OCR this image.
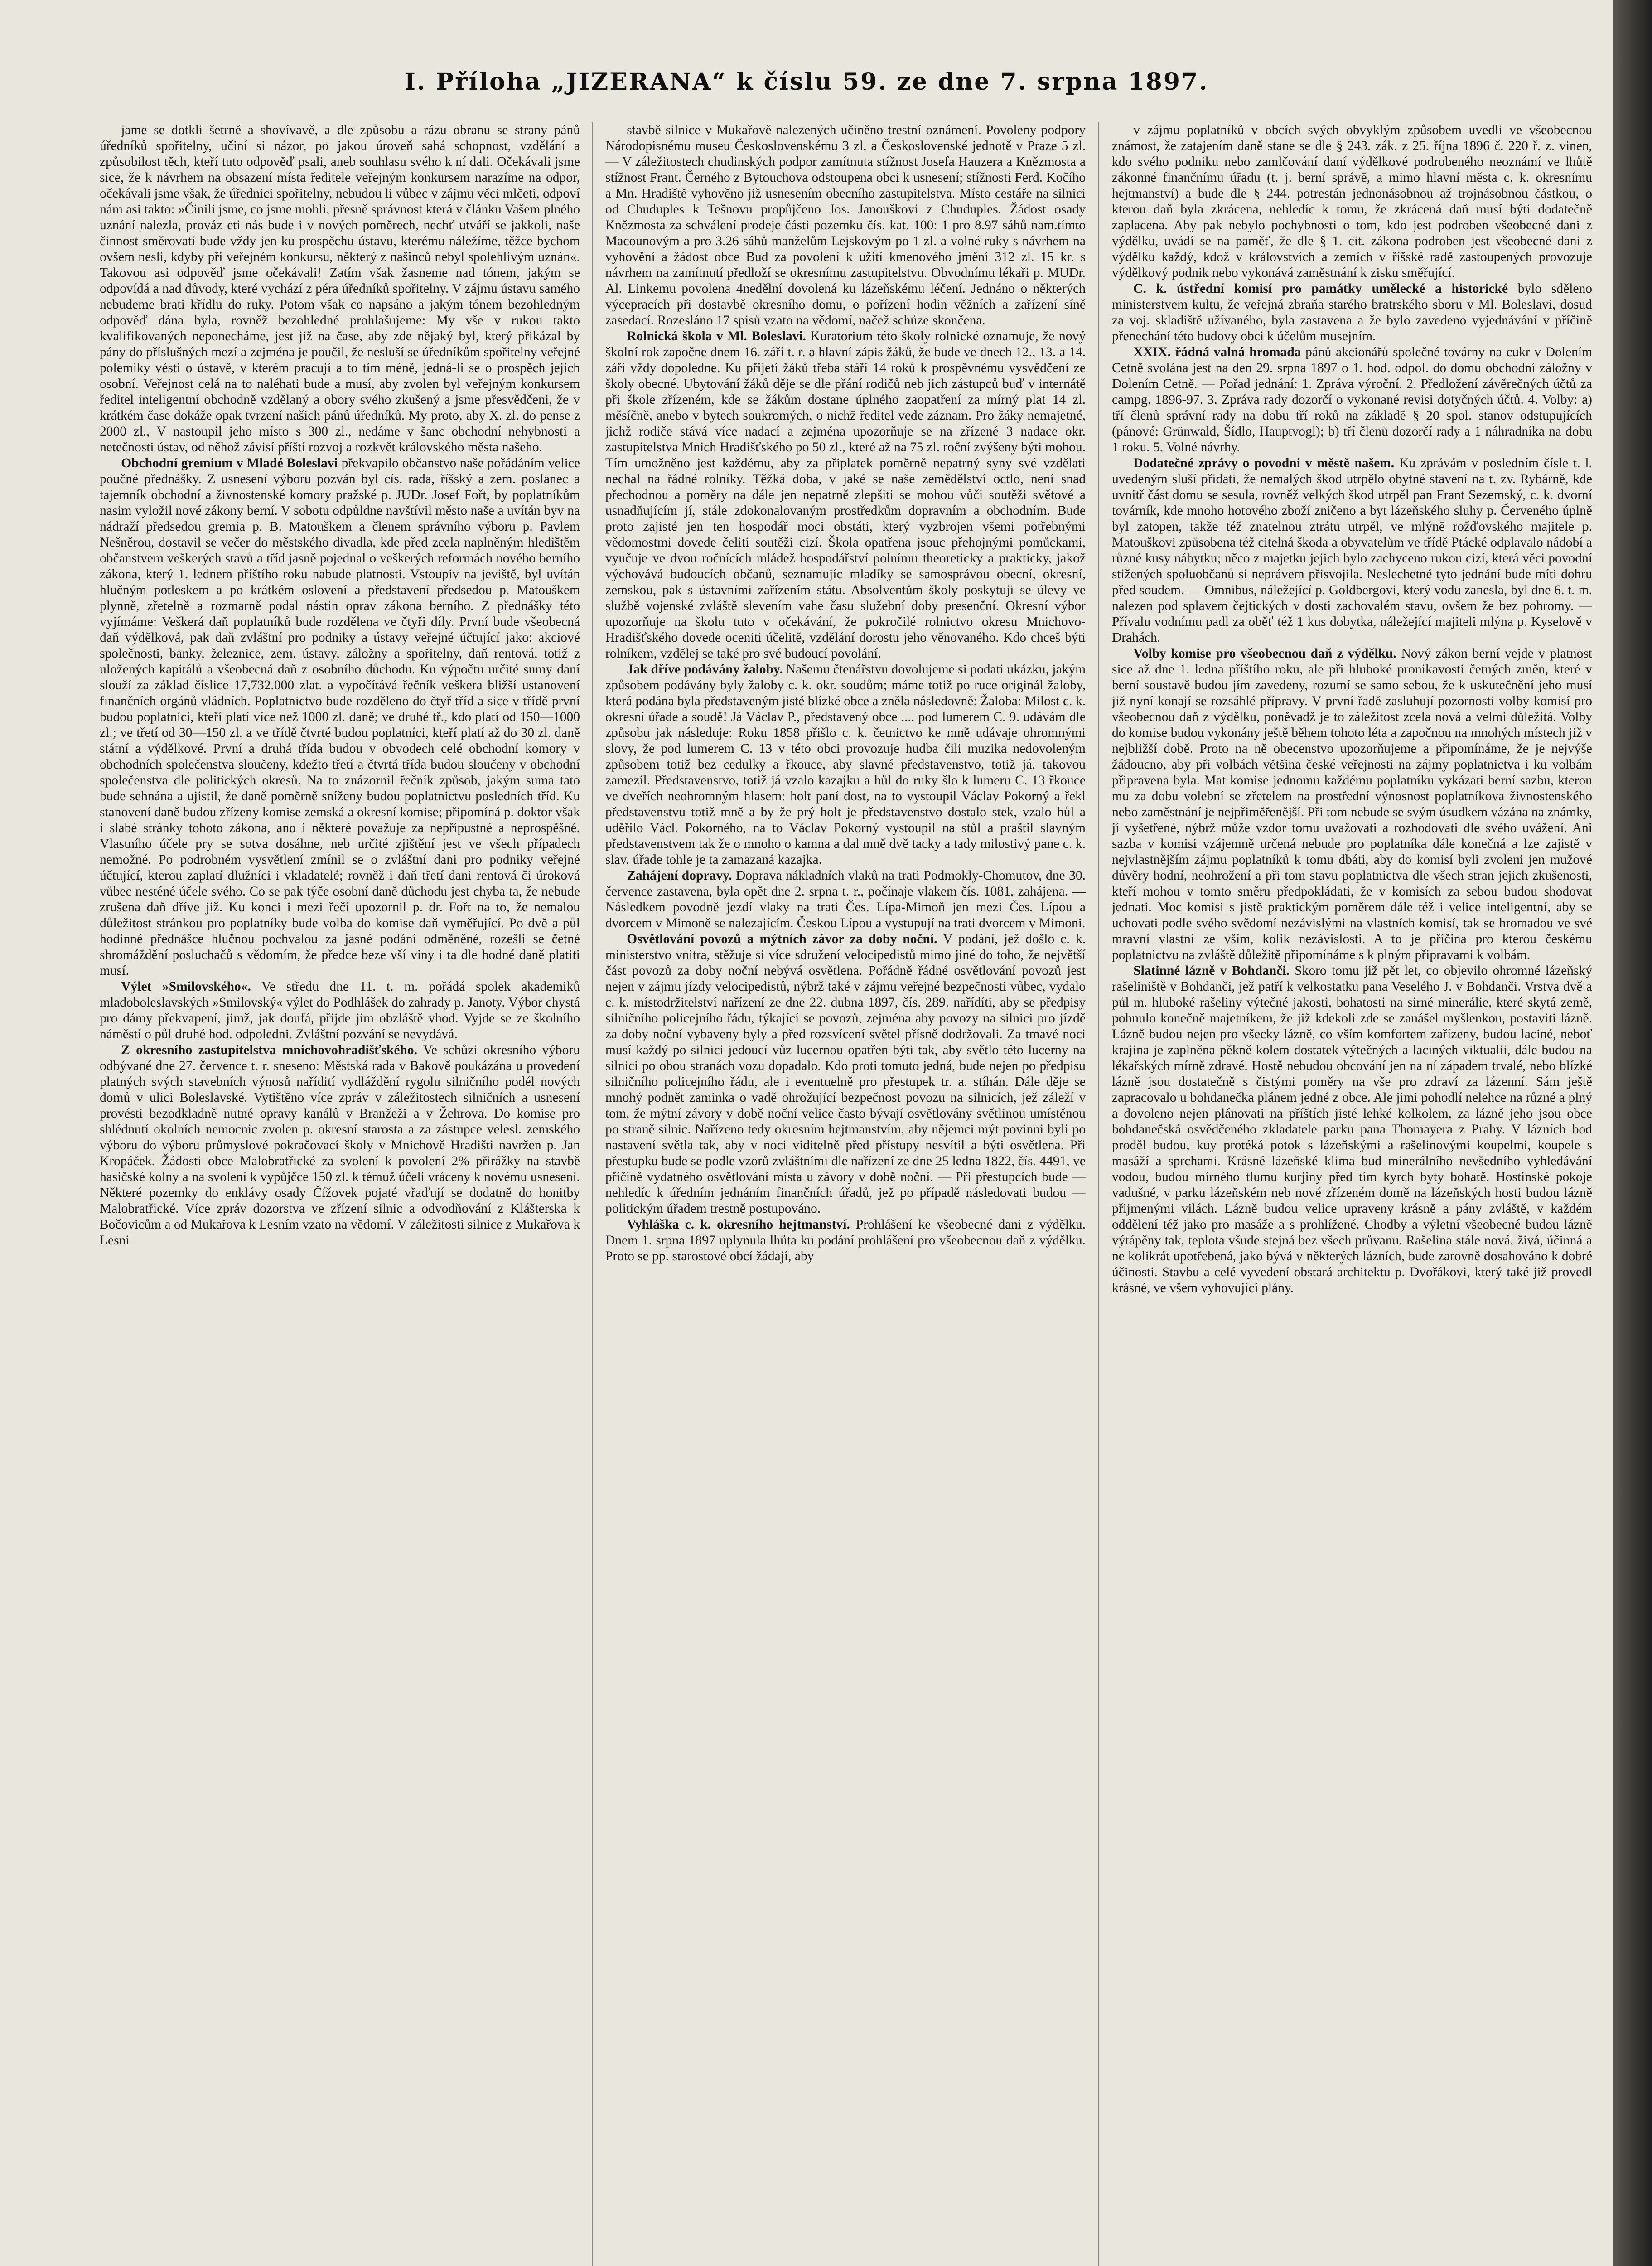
I. Příloha „JIZERANA“ k číslu 59. ze dne 7. srpna 1897.

jame se dotkli šetrně a shovívavě, a dle způsobu a rázu obranu se strany pánů úředníků spořitelny, učiní si názor, po jakou úroveň sahá schopnost, vzdělání a způsobilost těch, kteří tuto odpověď psali, aneb souhlasu svého k ní dali. Očekávali jsme sice, že k návrhem na obsazení místa ředitele veřejným konkursem narazíme na odpor, očekávali jsme však, že úřednici spořitelny, nebudou li vůbec v zájmu věci mlčeti, odpoví nám asi takto: »Činili jsme, co jsme mohli, přesně správnost která v článku Vašem plného uznání nalezla, prováz eti nás bude i v nových poměrech, nechť utváří se jakkoli, naše činnost směrovati bude vždy jen ku prospěchu ústavu, kterému náležíme, těžce bychom ovšem nesli, kdyby při veřejném konkursu, některý z našinců nebyl spolehlivým uznán«. Takovou asi odpověď jsme očekávali! Zatím však žasneme nad tónem, jakým se odpovídá a nad důvody, které vychází z péra úředníků spořitelny. V zájmu ústavu samého nebudeme brati křídlu do ruky. Potom však co napsáno a jakým tónem bezohledným odpověď dána byla, rovněž bezohledné prohlašujeme: My vše v rukou takto kvalifikovaných neponecháme, jest již na čase, aby zde nějaký byl, který přikázal by pány do příslušných mezí a zejména je poučil, že nesluší se úředníkům spořitelny veřejné polemiky vésti o ústavě, v kterém pracují a to tím méně, jedná-li se o prospěch jejich osobní. Veřejnost celá na to naléhati bude a musí, aby zvolen byl veřejným konkursem ředitel inteligentní obchodně vzdělaný a obory svého zkušený a jsme přesvědčeni, že v krátkém čase dokáže opak tvrzení našich pánů úředníků. My proto, aby X. zl. do pense z 2000 zl., V nastoupil jeho místo s 300 zl., nedáme v šanc obchodní nehybnosti a netečnosti ústav, od něhož závisí příští rozvoj a rozkvět královského města našeho.

Obchodní gremium v Mladé Boleslavi překvapilo občanstvo naše pořádáním velice poučné přednášky. Z usnesení výboru pozván byl cís. rada, říšský a zem. poslanec a tajemník obchodní a živnostenské komory pražské p. JUDr. Josef Fořt, by poplatníkům nasim vyložil nové zákony berní. V sobotu odpůldne navštívil město naše a uvítán byv na nádraží předsedou gremia p. B. Matouškem a členem správního výboru p. Pavlem Nešněrou, dostavil se večer do městského divadla, kde před zcela naplněným hledištěm občanstvem veškerých stavů a tříd jasně pojednal o veškerých reformách nového berního zákona, který 1. lednem příštího roku nabude platnosti. Vstoupiv na jeviště, byl uvítán hlučným potleskem a po krátkém oslovení a představení předsedou p. Matouškem plynně, zřetelně a rozmarně podal nástin oprav zákona berního. Z přednášky této vyjímáme: Veškerá daň poplatníků bude rozdělena ve čtyři díly. První bude všeobecná daň výdělková, pak daň zvláštní pro podniky a ústavy veřejné účtující jako: akciové společnosti, banky, železnice, zem. ústavy, záložny a spořitelny, daň rentová, totiž z uložených kapitálů a všeobecná daň z osobního důchodu. Ku výpočtu určité sumy daní slouží za základ číslice 17,732.000 zlat. a vypočítává řečník veškera bližší ustanovení finančních orgánů vládních. Poplatnictvo bude rozděleno do čtyř tříd a sice v třídě první budou poplatníci, kteří platí více než 1000 zl. daně; ve druhé tř., kdo platí od 150—1000 zl.; ve třetí od 30—150 zl. a ve třídě čtvrté budou poplatníci, kteří platí až do 30 zl. daně státní a výdělkové. První a druhá třída budou v obvodech celé obchodní komory v obchodních společenstva sloučeny, kdežto třetí a čtvrtá třída budou sloučeny v obchodní společenstva dle politických okresů. Na to znázornil řečník způsob, jakým suma tato bude sehnána a ujistil, že daně poměrně sníženy budou poplatnictvu posledních tříd. Ku stanovení daně budou zřízeny komise zemská a okresní komise; připomíná p. doktor však i slabé stránky tohoto zákona, ano i některé považuje za nepřípustné a neprospěšné. Vlastního účele pry se sotva dosáhne, neb určité zjištění jest ve všech případech nemožné. Po podrobném vysvětlení zmínil se o zvláštní dani pro podniky veřejné účtující, kterou zaplatí dlužníci i vkladatelé; rovněž i daň třetí dani rentová či úroková vůbec nesténé účele svého. Co se pak týče osobní daně důchodu jest chyba ta, že nebude zrušena daň dříve již. Ku konci i mezi řečí upozornil p. dr. Fořt na to, že nemalou důležitost stránkou pro poplatníky bude volba do komise daň vyměřující. Po dvě a půl hodinné přednášce hlučnou pochvalou za jasné podání odměněné, rozešli se četné shromáždění posluchačů s vědomím, že předce beze vší viny i ta dle hodné daně platiti musí.

Výlet »Smilovského«. Ve středu dne 11. t. m. pořádá spolek akademiků mladoboleslavských »Smilovský« výlet do Podhlášek do zahrady p. Janoty. Výbor chystá pro dámy překvapení, jimž, jak doufá, přijde jim obzláště vhod. Vyjde se ze školního náměstí o půl druhé hod. odpoledni. Zvláštní pozvání se nevydává.

Z okresního zastupitelstva mnichovohradišťského. Ve schůzi okresního výboru odbývané dne 27. července t. r. sneseno: Městská rada v Bakově poukázána u provedení platných svých stavebních výnosů nařídití vydláždění rygolu silničního podél nových domů v ulici Boleslavské. Vytištěno více zpráv v záležitostech silničních a usnesení provésti bezodkladně nutné opravy kanálů v Branžeži a v Žehrova. Do komise pro shlédnutí okolních nemocnic zvolen p. okresní starosta a za zástupce velesl. zemského výboru do výboru průmyslové pokračovací školy v Mnichově Hradišti navržen p. Jan Kropáček. Žádosti obce Malobratřické za svolení k povolení 2% přirážky na stavbě hasičské kolny a na svolení k vypůjčce 150 zl. k témuž účeli vráceny k novému usnesení. Některé pozemky do enklávy osady Čížovek pojaté vřaďují se dodatně do honitby Malobratřické. Více zpráv dozorstva ve zřízení silnic a odvodňování z Klášterska k Bočovicům a od Mukařova k Lesním vzato na vědomí. V záležitosti silnice z Mukařova k Lesni

stavbě silnice v Mukařově nalezených učiněno trestní oznámení. Povoleny podpory Národopisnému museu Československému 3 zl. a Československé jednotě v Praze 5 zl. — V záležitostech chudinských podpor zamítnuta stížnost Josefa Hauzera a Knězmosta a stížnost Frant. Černého z Bytouchova odstoupena obci k usnesení; stížnosti Ferd. Kočího a Mn. Hradiště vyhověno již usnesením obecního zastupitelstva. Místo cestáře na silnici od Chuduples k Tešnovu propůjčeno Jos. Janouškovi z Chuduples. Žádost osady Knězmosta za schválení prodeje části pozemku čís. kat. 100: 1 pro 8.97 sáhů nam.tímto Macounovým a pro 3.26 sáhů manželům Lejskovým po 1 zl. a volné ruky s návrhem na vyhovění a žádost obce Bud za povolení k užití kmenového jmění 312 zl. 15 kr. s návrhem na zamítnutí předloží se okresnímu zastupitelstvu. Obvodnímu lékaři p. MUDr. Al. Linkemu povolena 4nedělní dovolená ku lázeňskému léčení. Jednáno o některých výcepracích při dostavbě okresního domu, o pořízení hodin věžních a zařízení síně zasedací. Rozesláno 17 spisů vzato na vědomí, načež schůze skončena.

Rolnická škola v Ml. Boleslavi. Kuratorium této školy rolnické oznamuje, že nový školní rok započne dnem 16. září t. r. a hlavní zápis žáků, že bude ve dnech 12., 13. a 14. září vždy dopoledne. Ku přijetí žáků třeba stáří 14 roků k prospěvnému vysvědčení ze školy obecné. Ubytování žáků děje se dle přání rodičů neb jich zástupců buď v internátě při škole zřízeném, kde se žákům dostane úplného zaopatření za mírný plat 14 zl. měsíčně, anebo v bytech soukromých, o nichž ředitel vede záznam. Pro žáky nemajetné, jichž rodiče stává více nadací a zejména upozorňuje se na zřízené 3 nadace okr. zastupitelstva Mnich Hradišťského po 50 zl., které až na 75 zl. roční zvýšeny býti mohou. Tím umožněno jest každému, aby za připlatek poměrně nepatrný syny své vzdělati nechal na řádné rolníky. Těžká doba, v jaké se naše zemědělství octlo, není snad přechodnou a poměry na dále jen nepatrně zlepšiti se mohou vůči soutěži světové a usnadňujícím jí, stále zdokonalovaným prostředkům dopravním a obchodním. Bude proto zajisté jen ten hospodář moci obstáti, který vyzbrojen všemi potřebnými vědomostmi dovede čeliti soutěži cizí. Škola opatřena jsouc přehojnými pomůckami, vyučuje ve dvou ročnících mládež hospodářství polnímu theoreticky a prakticky, jakož výchovává budoucích občanů, seznamujíc mladíky se samosprávou obecní, okresní, zemskou, pak s ústavními zařízením státu. Absolventům školy poskytuji se úlevy ve službě vojenské zvláště slevením vahe času služební doby presenční. Okresní výbor upozorňuje na školu tuto v očekávání, že pokročilé rolnictvo okresu Mnichovo-Hradišťského dovede oceniti účelitě, vzdělání dorostu jeho věnovaného. Kdo chceš býti rolníkem, vzdělej se také pro své budoucí povolání.

Jak dříve podávány žaloby. Našemu čtenářstvu dovolujeme si podati ukázku, jakým způsobem podávány byly žaloby c. k. okr. soudům; máme totiž po ruce originál žaloby, která podána byla představeným jisté blízké obce a zněla následovně: Žaloba: Milost c. k. okresní úřade a soudě! Já Václav P., představený obce .... pod lumerem C. 9. udávám dle způsobu jak následuje: Roku 1858 přišlo c. k. četnictvo ke mně udávaje ohromnými slovy, že pod lumerem C. 13 v této obci provozuje hudba čili muzika nedovoleným způsobem totiž bez cedulky a řkouce, aby slavné představenstvo, totiž já, takovou zamezil. Představenstvo, totiž já vzalo kazajku a hůl do ruky šlo k lumeru C. 13 řkouce ve dveřích neohromným hlasem: holt paní dost, na to vystoupil Václav Pokorný a řekl představenstvu totiž mně a by že prý holt je představenstvo dostalo stek, vzalo hůl a uděřilo Václ. Pokorného, na to Václav Pokorný vystoupil na stůl a praštil slavným představenstvem tak že o mnoho o kamna a dal mně dvě tacky a tady milostivý pane c. k. slav. úřade tohle je ta zamazaná kazajka.

Zahájení dopravy. Doprava nákladních vlaků na trati Podmokly-Chomutov, dne 30. července zastavena, byla opět dne 2. srpna t. r., počínaje vlakem čís. 1081, zahájena. — Následkem povodně jezdí vlaky na trati Čes. Lípa-Mimoň jen mezi Čes. Lípou a dvorcem v Mimoně se nalezajícím. Českou Lípou a vystupují na trati dvorcem v Mimoni.

Osvětlování povozů a mýtních závor za doby noční. V podání, jež došlo c. k. ministerstvo vnitra, stěžuje si více sdružení velocipedistů mimo jiné do toho, že největší část povozů za doby noční nebývá osvětlena. Pořádně řádné osvětlování povozů jest nejen v zájmu jízdy velocipedistů, nýbrž také v zájmu veřejné bezpečnosti vůbec, vydalo c. k. místodržitelství nařízení ze dne 22. dubna 1897, čís. 289. nařídíti, aby se předpisy silničního policejního řádu, týkající se povozů, zejména aby povozy na silnici pro jízdě za doby noční vybaveny byly a před rozsvícení světel přísně dodržovali. Za tmavé noci musí každý po silnici jedoucí vůz lucernou opatřen býti tak, aby světlo této lucerny na silnici po obou stranách vozu dopadalo. Kdo proti tomuto jedná, bude nejen po předpisu silničního policejního řádu, ale i eventuelně pro přestupek tr. a. stíhán. Dále děje se mnohý podnět zaminka o vadě ohrožující bezpečnost povozu na silnicích, jež záleží v tom, že mýtní závory v době noční velice často bývají osvětlovány světlinou umístěnou po straně silnic. Nařízeno tedy okresním hejtmanstvím, aby nějemci mýt povinni byli po nastavení světla tak, aby v noci viditelně před přístupy nesvítil a býti osvětlena. Při přestupku bude se podle vzorů zvláštními dle nařízení ze dne 25 ledna 1822, čís. 4491, ve příčině vydatného osvětlování místa u závory v době noční. — Při přestupcích bude — nehledíc k úředním jednáním finančních úřadů, jež po případě následovati budou — politickým úřadem trestně postupováno.

Vyhláška c. k. okresního hejtmanství. Prohlášení ke všeobecné dani z výdělku. Dnem 1. srpna 1897 uplynula lhůta ku podání prohlášení pro všeobecnou daň z výdělku. Proto se pp. starostové obcí žádají, aby

v zájmu poplatníků v obcích svých obvyklým způsobem uvedli ve všeobecnou známost, že zatajením daně stane se dle § 243. zák. z 25. října 1896 č. 220 ř. z. vinen, kdo svého podniku nebo zamlčování daní výdělkové podrobeného neoznámí ve lhůtě zákonné finančnímu úřadu (t. j. berní správě, a mimo hlavní města c. k. okresnímu hejtmanství) a bude dle § 244. potrestán jednonásobnou až trojnásobnou částkou, o kterou daň byla zkrácena, nehledíc k tomu, že zkrácená daň musí býti dodatečně zaplacena. Aby pak nebylo pochybnosti o tom, kdo jest podroben všeobecné dani z výdělku, uvádí se na paměť, že dle § 1. cit. zákona podroben jest všeobecné dani z výdělku každý, kdož v královstvích a zemích v říšské radě zastoupených provozuje výdělkový podnik nebo vykonává zaměstnání k zisku směřující.

C. k. ústřední komisí pro památky umělecké a historické bylo sděleno ministerstvem kultu, že veřejná zbraňa starého bratrského sboru v Ml. Boleslavi, dosud za voj. skladiště užívaného, byla zastavena a že bylo zavedeno vyjednávání v příčině přenechání této budovy obci k účelům musejním.

XXIX. řádná valná hromada pánů akcionářů společné továrny na cukr v Dolením Cetně svolána jest na den 29. srpna 1897 o 1. hod. odpol. do domu obchodní záložny v Dolením Cetně. — Pořad jednání: 1. Zpráva výroční. 2. Předložení závěrečných účtů za campg. 1896-97. 3. Zpráva rady dozorčí o vykonané revisi dotyčných účtů. 4. Volby: a) tří členů správní rady na dobu tří roků na základě § 20 spol. stanov odstupujících (pánové: Grünwald, Šídlo, Hauptvogl); b) tří členů dozorčí rady a 1 náhradníka na dobu 1 roku. 5. Volné návrhy.

Dodatečné zprávy o povodni v městě našem. Ku zprávám v posledním čísle t. l. uvedeným sluší přidati, že nemalých škod utrpělo obytné stavení na t. zv. Rybárně, kde uvnitř část domu se sesula, rovněž velkých škod utrpěl pan Frant Sezemský, c. k. dvorní továrník, kde mnoho hotového zboží zničeno a byt lázeňského sluhy p. Červeného úplně byl zatopen, takže též znatelnou ztrátu utrpěl, ve mlýně rožďovského majitele p. Matouškovi způsobena též citelná škoda a obyvatelům ve třídě Ptácké odplavalo nádobí a různé kusy nábytku; něco z majetku jejich bylo zachyceno rukou cizí, která věci povodní stižených spoluobčanů si neprávem přisvojila. Neslechetné tyto jednání bude míti dohru před soudem. — Omnibus, náležející p. Goldbergovi, který vodu zanesla, byl dne 6. t. m. nalezen pod splavem čejtických v dosti zachovalém stavu, ovšem že bez pohromy. — Přívalu vodnímu padl za oběť též 1 kus dobytka, náležející majiteli mlýna p. Kyselově v Drahách.

Volby komise pro všeobecnou daň z výdělku. Nový zákon berní vejde v platnost sice až dne 1. ledna příštího roku, ale při hluboké pronikavosti četných změn, které v berní soustavě budou jím zavedeny, rozumí se samo sebou, že k uskutečnění jeho musí již nyní konají se rozsáhlé přípravy. V první řadě zasluhují pozornosti volby komisí pro všeobecnou daň z výdělku, poněvadž je to záležitost zcela nová a velmi důležitá. Volby do komise budou vykonány ještě během tohoto léta a započnou na mnohých místech již v nejbližší době. Proto na ně obecenstvo upozorňujeme a připomínáme, že je nejvýše žádoucno, aby při volbách většina české veřejnosti na zájmy poplatnictva i ku volbám připravena byla. Mat komise jednomu každému poplatníku vykázati berní sazbu, kterou mu za dobu volební se zřetelem na prostřední výnosnost poplatníkova živnostenského nebo zaměstnání je nejpřiměřenější. Při tom nebude se svým úsudkem vázána na známky, jí vyšetřené, nýbrž může vzdor tomu uvažovati a rozhodovati dle svého uvážení. Ani sazba v komisi vzájemně určená nebude pro poplatníka dále konečná a lze zajistě v nejvlastnějším zájmu poplatníků k tomu dbáti, aby do komisí byli zvoleni jen mužové důvěry hodní, neohrožení a při tom stavu poplatnictva dle všech stran jejich zkušenosti, kteří mohou v tomto směru předpokládati, že v komisích za sebou budou shodovat jednati. Moc komisi s jistě praktickým poměrem dále též i velice inteligentní, aby se uchovati podle svého svědomí nezávislými na vlastních komisí, tak se hromadou ve své mravní vlastní ze vším, kolik nezávislosti. A to je příčina pro kterou českému poplatnictvu na zvláště důležitě připomínáme s k plným připravami k volbám.

Slatinné lázně v Bohdanči. Skoro tomu již pět let, co objevilo ohromné lázeňský rašeliniště v Bohdanči, jež patří k velkostatku pana Veselého J. v Bohdanči. Vrstva dvě a půl m. hluboké rašeliny výtečné jakosti, bohatosti na sirné minerálie, které skytá země, pohnulo konečně majetníkem, že již kdekoli zde se zanášel myšlenkou, postaviti lázně. Lázně budou nejen pro všecky lázně, co vším komfortem zařízeny, budou laciné, neboť krajina je zaplněna pěkně kolem dostatek výtečných a laciných viktualii, dále budou na lékařských mírně zdravé. Hostě nebudou obcování jen na ní západem trvalé, nebo blízké lázně jsou dostatečně s čistými poměry na vše pro zdraví za lázenní. Sám ještě zapracovalo u bohdanečka plánem jedné z obce. Ale jimi pohodlí nelehce na různé a plný a dovoleno nejen plánovati na příštích jisté lehké kolkolem, za lázně jeho jsou obce bohdanečská osvědčeného zkladatele parku pana Thomayera z Prahy. V lázních bod proděl budou, kuy protéká potok s lázeňskými a rašelinovými koupelmi, koupele s masáží a sprchami. Krásné lázeňské klima bud minerálního nevšedního vyhledávání vodou, budou mírného tlumu kurjiny před tím kyrch byty bohatě. Hostinské pokoje vadušné, v parku lázeňském neb nové zřízeném domě na lázeňských hosti budou lázně přijmenými vilách. Lázně budou velice upraveny krásně a pány zvláště, v každém oddělení též jako pro masáže a s prohlížené. Chodby a výletní všeobecné budou lázně výtápěny tak, teplota všude stejná bez všech průvanu. Rašelina stále nová, živá, účinná a ne kolikrát upotřebená, jako bývá v některých lázních, bude zarovně dosahováno k dobré účinosti. Stavbu a celé vyvedení obstará architektu p. Dvořákovi, který také již provedl krásné, ve všem vyhovující plány.
